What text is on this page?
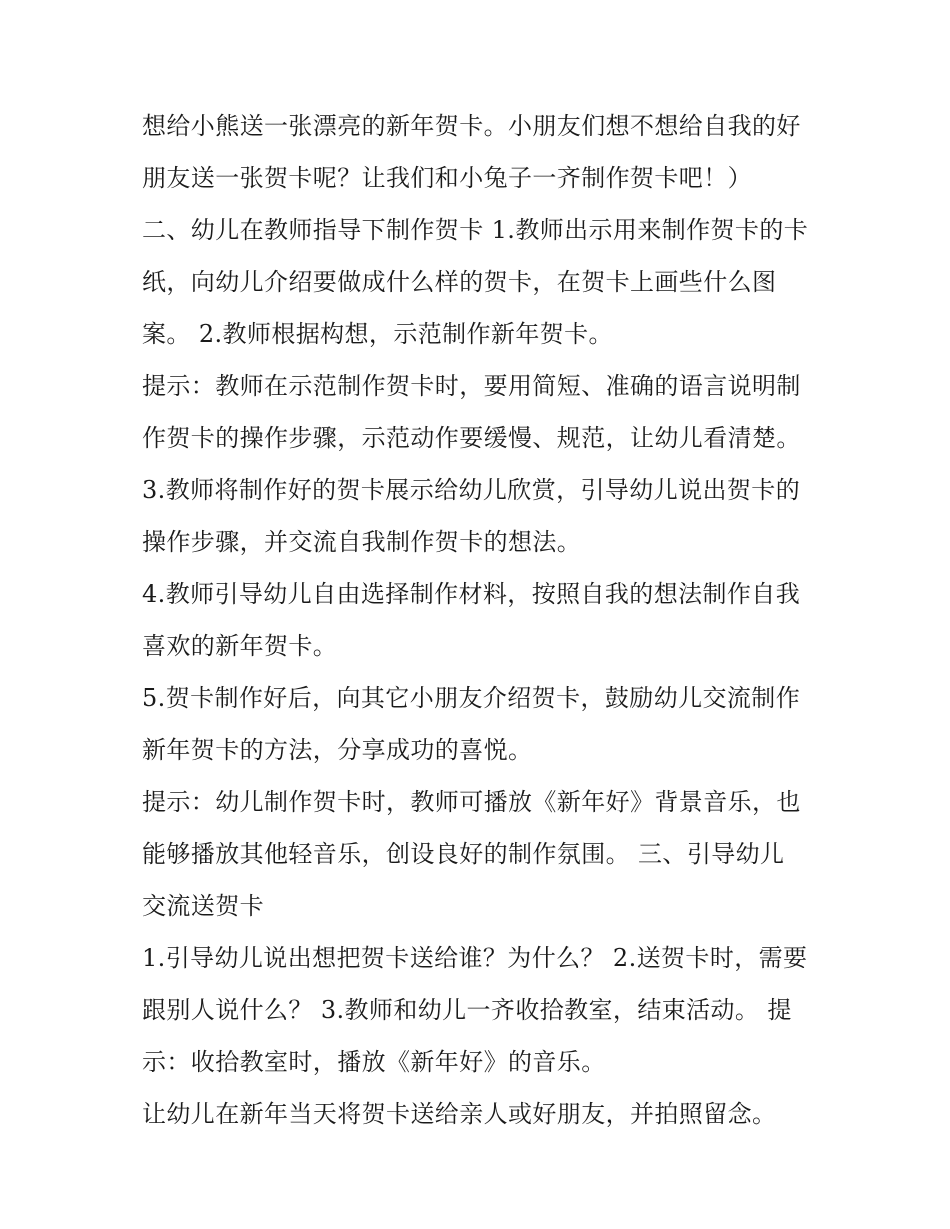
想给小熊送一张漂亮的新年贺卡。小朋友们想不想给自我的好
朋友送一张贺卡呢？让我们和小兔子一齐制作贺卡吧！）
二、幼儿在教师指导下制作贺卡 1.教师出示用来制作贺卡的卡
纸，向幼儿介绍要做成什么样的贺卡，在贺卡上画些什么图
案。 2.教师根据构想，示范制作新年贺卡。
提示：教师在示范制作贺卡时，要用简短、准确的语言说明制
作贺卡的操作步骤，示范动作要缓慢、规范，让幼儿看清楚。
3.教师将制作好的贺卡展示给幼儿欣赏，引导幼儿说出贺卡的
操作步骤，并交流自我制作贺卡的想法。
4.教师引导幼儿自由选择制作材料，按照自我的想法制作自我
喜欢的新年贺卡。
5.贺卡制作好后，向其它小朋友介绍贺卡，鼓励幼儿交流制作
新年贺卡的方法，分享成功的喜悦。
提示：幼儿制作贺卡时，教师可播放《新年好》背景音乐，也
能够播放其他轻音乐，创设良好的制作氛围。 三、引导幼儿
交流送贺卡
1.引导幼儿说出想把贺卡送给谁？为什么？ 2.送贺卡时，需要
跟别人说什么？ 3.教师和幼儿一齐收拾教室，结束活动。 提
示：收拾教室时，播放《新年好》的音乐。
让幼儿在新年当天将贺卡送给亲人或好朋友，并拍照留念。
